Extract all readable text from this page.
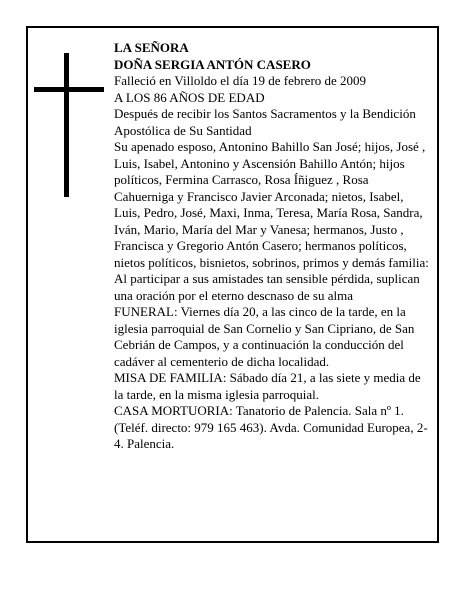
LA SEÑORA
DOÑA SERGIA ANTÓN CASERO
Falleció en Villoldo el día 19 de febrero de 2009
A LOS 86 AÑOS DE EDAD
Después de recibir los Santos Sacramentos y la Bendición Apostólica de Su Santidad
Su apenado esposo, Antonino Bahillo San José; hijos, José , Luis, Isabel, Antonino y Ascensión Bahillo Antón; hijos políticos, Fermina Carrasco, Rosa Íñiguez , Rosa Cahuerniga y Francisco Javier Arconada; nietos, Isabel, Luis, Pedro, José, Maxi, Inma, Teresa, María Rosa, Sandra, Iván, Mario, María del Mar y Vanesa; hermanos, Justo , Francisca y Gregorio Antón Casero; hermanos políticos, nietos políticos, bisnietos, sobrinos, primos y demás familia:
Al participar a sus amistades tan sensible pérdida, suplican una oración por el eterno descnaso de su alma
FUNERAL: Viernes día 20, a las cinco de la tarde, en la iglesia parroquial de San Cornelio y San Cipriano, de San Cebrián de Campos, y a continuación la conducción del cadáver al cementerio de dicha localidad.
MISA DE FAMILIA: Sábado día 21, a las siete y media de la tarde, en la misma iglesia parroquial.
CASA MORTUORIA: Tanatorio de Palencia. Sala nº 1. (Teléf. directo: 979 165 463). Avda. Comunidad Europea, 2-4. Palencia.
